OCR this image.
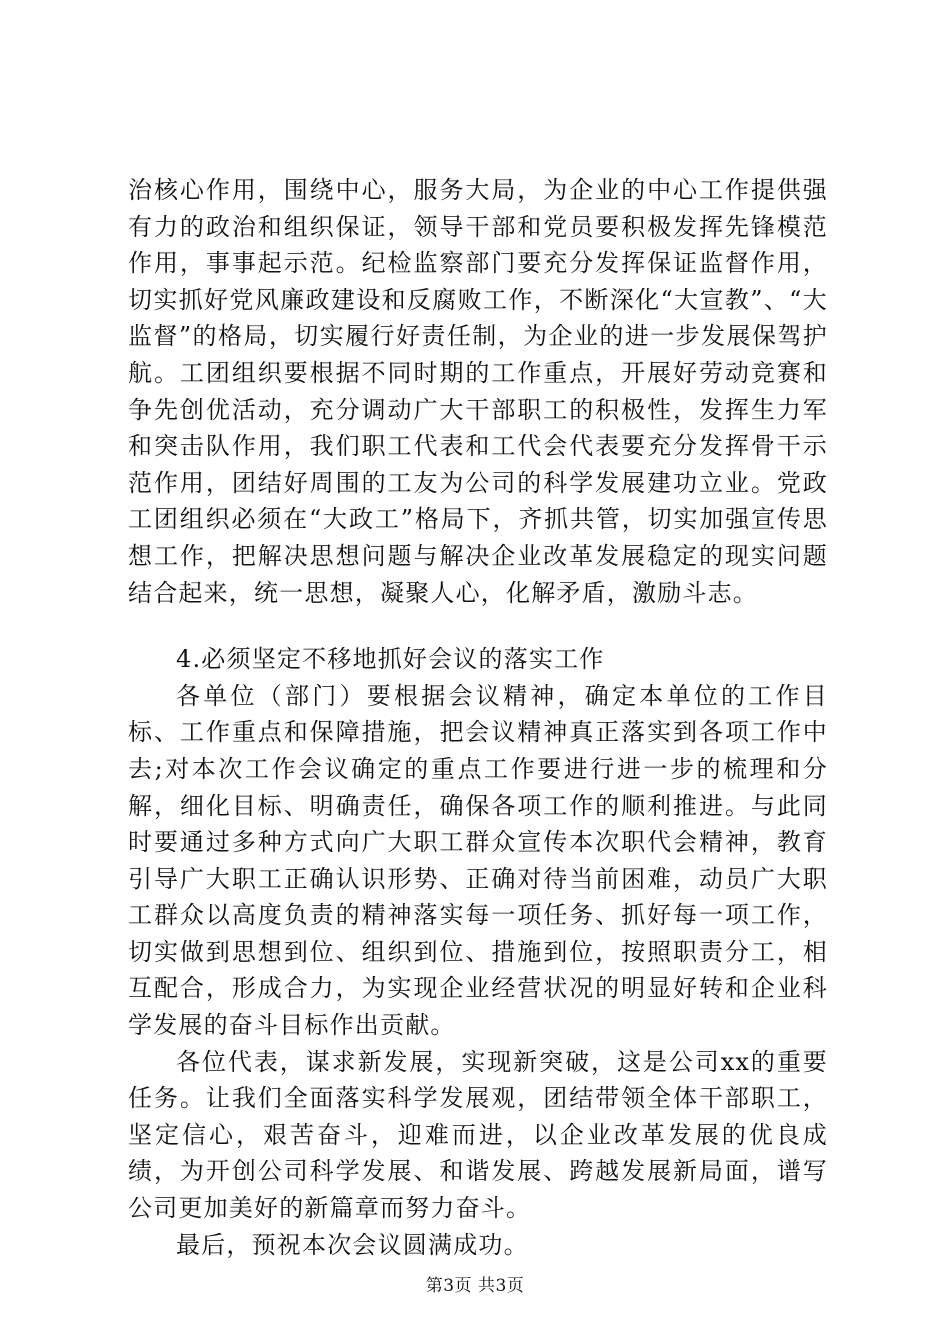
治核心作用，围绕中心，服务大局，为企业的中心工作提供强有力的政治和组织保证，领导干部和党员要积极发挥先锋模范作用，事事起示范。纪检监察部门要充分发挥保证监督作用，切实抓好党风廉政建设和反腐败工作，不断深化“大宣教”、“大监督”的格局，切实履行好责任制，为企业的进一步发展保驾护航。工团组织要根据不同时期的工作重点，开展好劳动竞赛和争先创优活动，充分调动广大干部职工的积极性，发挥生力军和突击队作用，我们职工代表和工代会代表要充分发挥骨干示范作用，团结好周围的工友为公司的科学发展建功立业。党政工团组织必须在“大政工”格局下，齐抓共管，切实加强宣传思想工作，把解决思想问题与解决企业改革发展稳定的现实问题结合起来，统一思想，凝聚人心，化解矛盾，激励斗志。

4.必须坚定不移地抓好会议的落实工作

各单位（部门）要根据会议精神，确定本单位的工作目标、工作重点和保障措施，把会议精神真正落实到各项工作中去;对本次工作会议确定的重点工作要进行进一步的梳理和分解，细化目标、明确责任，确保各项工作的顺利推进。与此同时要通过多种方式向广大职工群众宣传本次职代会精神，教育引导广大职工正确认识形势、正确对待当前困难，动员广大职工群众以高度负责的精神落实每一项任务、抓好每一项工作，切实做到思想到位、组织到位、措施到位，按照职责分工，相互配合，形成合力，为实现企业经营状况的明显好转和企业科学发展的奋斗目标作出贡献。

各位代表，谋求新发展，实现新突破，这是公司xx的重要任务。让我们全面落实科学发展观，团结带领全体干部职工，坚定信心，艰苦奋斗，迎难而进，以企业改革发展的优良成绩，为开创公司科学发展、和谐发展、跨越发展新局面，谱写公司更加美好的新篇章而努力奋斗。

最后，预祝本次会议圆满成功。

第3页 共3页
